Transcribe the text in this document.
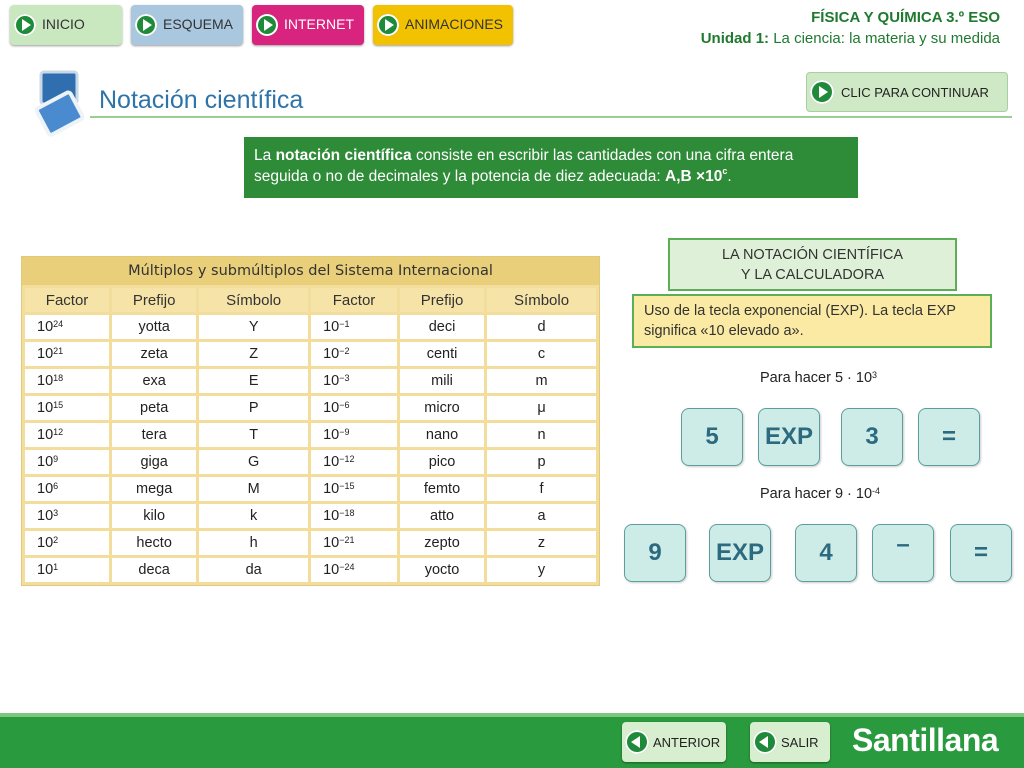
INICIO	ESQUEMA	INTERNET	ANIMACIONES	FÍSICA Y QUÍMICA 3.º ESO
Unidad 1: La ciencia: la materia y su medida
Notación científica	CLIC PARA CONTINUAR
La notación científica consiste en escribir las cantidades con una cifra entera seguida o no de decimales y la potencia de diez adecuada: $A,B \times 10^c$.
Múltiplos y submúltiplos del Sistema Internacional
Factor	Prefijo	Símbolo	Factor	Prefijo	Símbolo
$10^{24}$	yotta	Y	$10^{-1}$	deci	d
$10^{21}$	zeta	Z	$10^{-2}$	centi	c
$10^{18}$	exa	E	$10^{-3}$	mili	m
$10^{15}$	peta	P	$10^{-6}$	micro	μ
$10^{12}$	tera	T	$10^{-9}$	nano	n
$10^9$	giga	G	$10^{-12}$	pico	p
$10^6$	mega	M	$10^{-15}$	femto	f
$10^3$	kilo	k	$10^{-18}$	atto	a
$10^2$	hecto	h	$10^{-21}$	zepto	z
$10^1$	deca	da	$10^{-24}$	yocto	y
LA NOTACIÓN CIENTÍFICA
Y LA CALCULADORA
Uso de la tecla exponencial (EXP). La tecla EXP significa «10 elevado a».
Para hacer $5 \cdot 10^3$
5	EXP	3	=
Para hacer $9 \cdot 10^{-4}$
9	EXP	4	–	=
ANTERIOR	SALIR Santillana
